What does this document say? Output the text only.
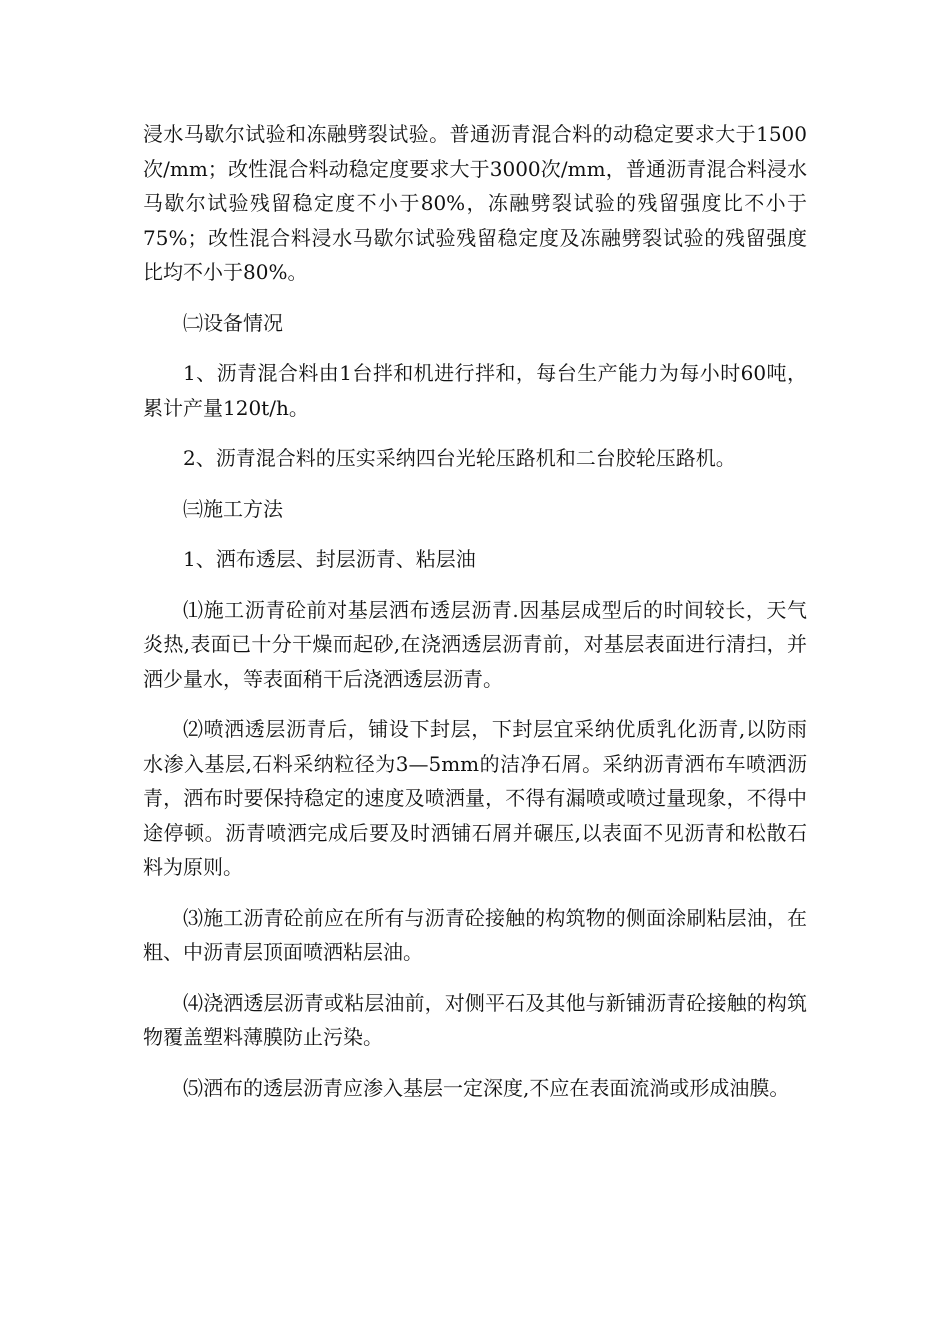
浸水马歇尔试验和冻融劈裂试验。普通沥青混合料的动稳定要求大于1500次/mm；改性混合料动稳定度要求大于3000次/mm，普通沥青混合料浸水马歇尔试验残留稳定度不小于80%，冻融劈裂试验的残留强度比不小于75%；改性混合料浸水马歇尔试验残留稳定度及冻融劈裂试验的残留强度比均不小于80%。

㈡设备情况

1、沥青混合料由1台拌和机进行拌和，每台生产能力为每小时60吨，累计产量120t/h。

2、沥青混合料的压实采纳四台光轮压路机和二台胶轮压路机。

㈢施工方法

1、洒布透层、封层沥青、粘层油

⑴施工沥青砼前对基层洒布透层沥青.因基层成型后的时间较长，天气炎热,表面已十分干燥而起砂,在浇洒透层沥青前，对基层表面进行清扫，并洒少量水，等表面稍干后浇洒透层沥青。

⑵喷洒透层沥青后，铺设下封层，下封层宜采纳优质乳化沥青,以防雨水渗入基层,石料采纳粒径为3—5mm的洁净石屑。采纳沥青洒布车喷洒沥青，洒布时要保持稳定的速度及喷洒量，不得有漏喷或喷过量现象，不得中途停顿。沥青喷洒完成后要及时洒铺石屑并碾压,以表面不见沥青和松散石料为原则。

⑶施工沥青砼前应在所有与沥青砼接触的构筑物的侧面涂刷粘层油，在粗、中沥青层顶面喷洒粘层油。

⑷浇洒透层沥青或粘层油前，对侧平石及其他与新铺沥青砼接触的构筑物覆盖塑料薄膜防止污染。

⑸洒布的透层沥青应渗入基层一定深度,不应在表面流淌或形成油膜。
